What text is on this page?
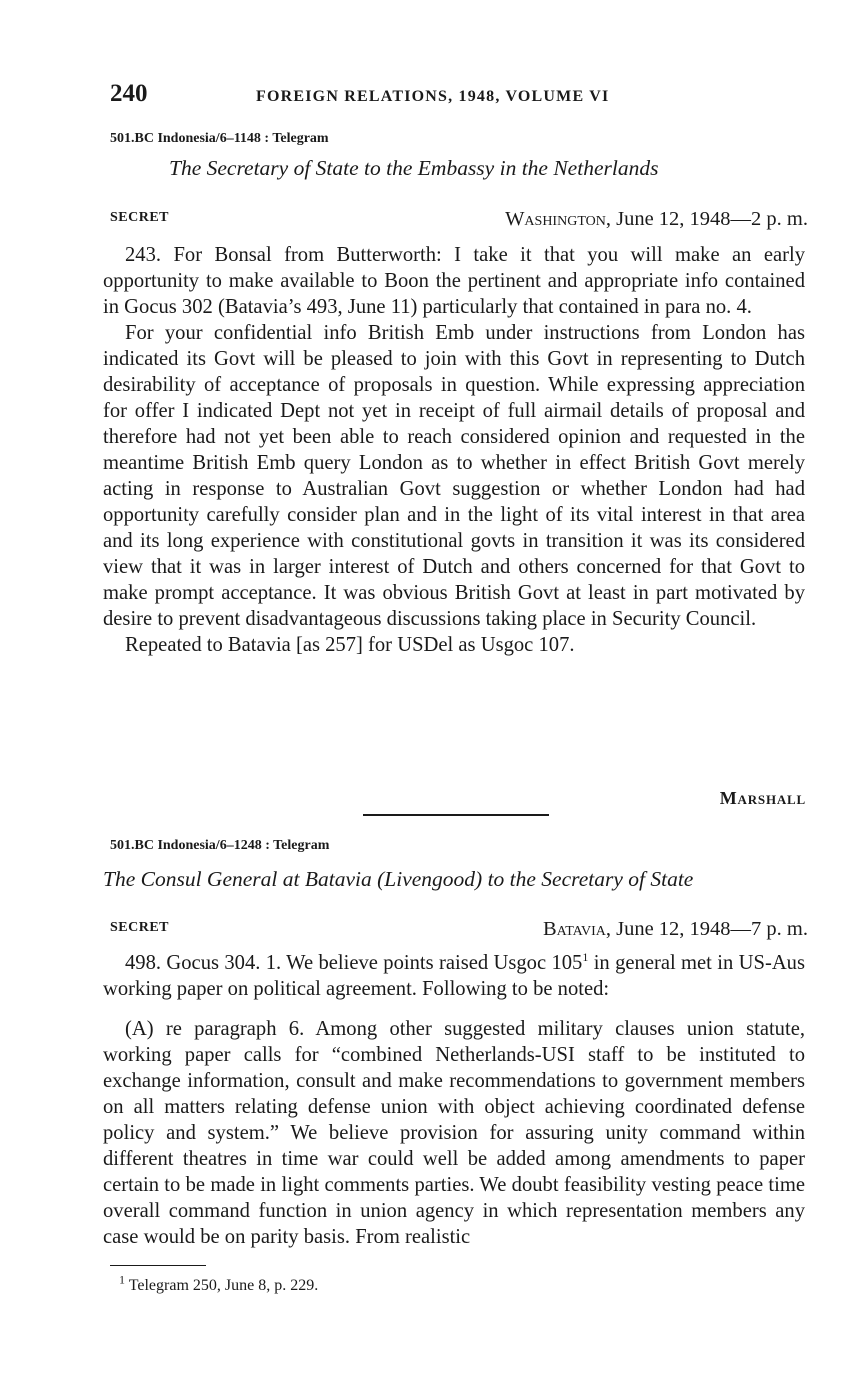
240	FOREIGN RELATIONS, 1948, VOLUME VI
501.BC Indonesia/6–1148 : Telegram
The Secretary of State to the Embassy in the Netherlands
SECRET	Washington, June 12, 1948—2 p. m.

243. For Bonsal from Butterworth: I take it that you will make an early opportunity to make available to Boon the pertinent and appropriate info contained in Gocus 302 (Batavia’s 493, June 11) particularly that contained in para no. 4.

For your confidential info British Emb under instructions from London has indicated its Govt will be pleased to join with this Govt in representing to Dutch desirability of acceptance of proposals in question. While expressing appreciation for offer I indicated Dept not yet in receipt of full airmail details of proposal and therefore had not yet been able to reach considered opinion and requested in the meantime British Emb query London as to whether in effect British Govt merely acting in response to Australian Govt suggestion or whether London had had opportunity carefully consider plan and in the light of its vital interest in that area and its long experience with constitutional govts in transition it was its considered view that it was in larger interest of Dutch and others concerned for that Govt to make prompt acceptance. It was obvious British Govt at least in part motivated by desire to prevent disadvantageous discussions taking place in Security Council.

Repeated to Batavia [as 257] for USDel as Usgoc 107.

Marshall
501.BC Indonesia/6–1248 : Telegram
The Consul General at Batavia (Livengood) to the Secretary of State
SECRET	Batavia, June 12, 1948—7 p. m.

498. Gocus 304. 1. We believe points raised Usgoc $105^1$ in general met in US-Aus working paper on political agreement. Following to be noted:

(A) re paragraph 6. Among other suggested military clauses union statute, working paper calls for “combined Netherlands-USI staff to be instituted to exchange information, consult and make recommendations to government members on all matters relating defense union with object achieving coordinated defense policy and system.” We believe provision for assuring unity command within different theatres in time war could well be added among amendments to paper certain to be made in light comments parties. We doubt feasibility vesting peace time overall command function in union agency in which representation members any case would be on parity basis. From realistic

$^1$ Telegram 250, June 8, p. 229.
